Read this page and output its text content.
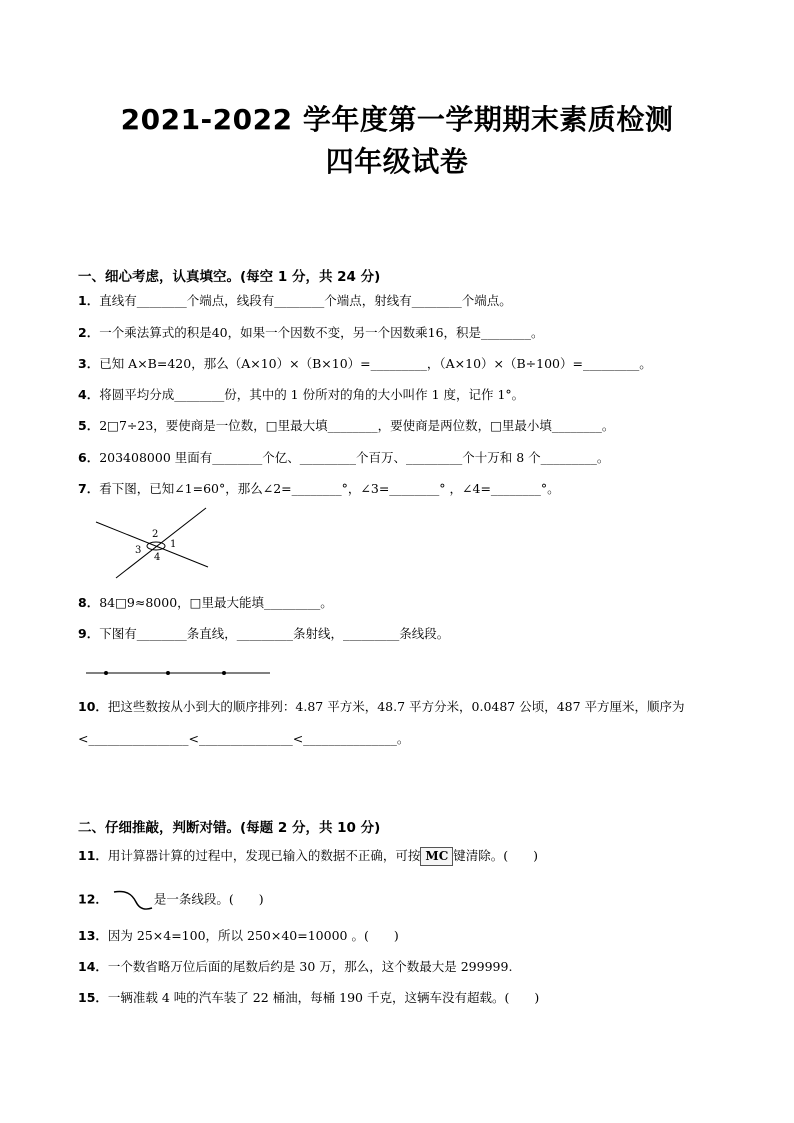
2021-2022 学年度第一学期期末素质检测
四年级试卷
一、细心考虑，认真填空。(每空 1 分，共 24 分)
1．直线有________个端点，线段有________个端点，射线有________个端点。
2．一个乘法算式的积是40，如果一个因数不变，另一个因数乘16，积是________。
3．已知 A×B=420，那么（A×10）×（B×10）=_________，（A×10）×（B÷100）=_________。
4．将圆平均分成________份，其中的 1 份所对的角的大小叫作 1 度，记作 1°。
5．2□7÷23，要使商是一位数，□里最大填________，要使商是两位数，□里最小填________。
6．203408000 里面有________个亿、_________个百万、_________个十万和 8 个_________。
7．看下图，已知∠1=60°，那么∠2=________°，∠3=________° ，∠4=________°。
1
2
3
4
8．84□9≈8000，□里最大能填_________。
9．下图有________条直线，_________条射线，_________条线段。
10．把这些数按从小到大的顺序排列：4.87 平方米，48.7 平方分米，0.0487 公顷，487 平方厘米，顺序为
<________________<_______________<_______________。
二、仔细推敲，判断对错。(每题 2 分，共 10 分)
11．用计算器计算的过程中，发现已输入的数据不正确，可按 MC 键清除。(　　)
12．	是一条线段。(　　)
13．因为 25×4=100，所以 250×40=10000 。(　　)
14．一个数省略万位后面的尾数后约是 30 万，那么，这个数最大是 299999.
15．一辆准载 4 吨的汽车装了 22 桶油，每桶 190 千克，这辆车没有超载。(　　)
